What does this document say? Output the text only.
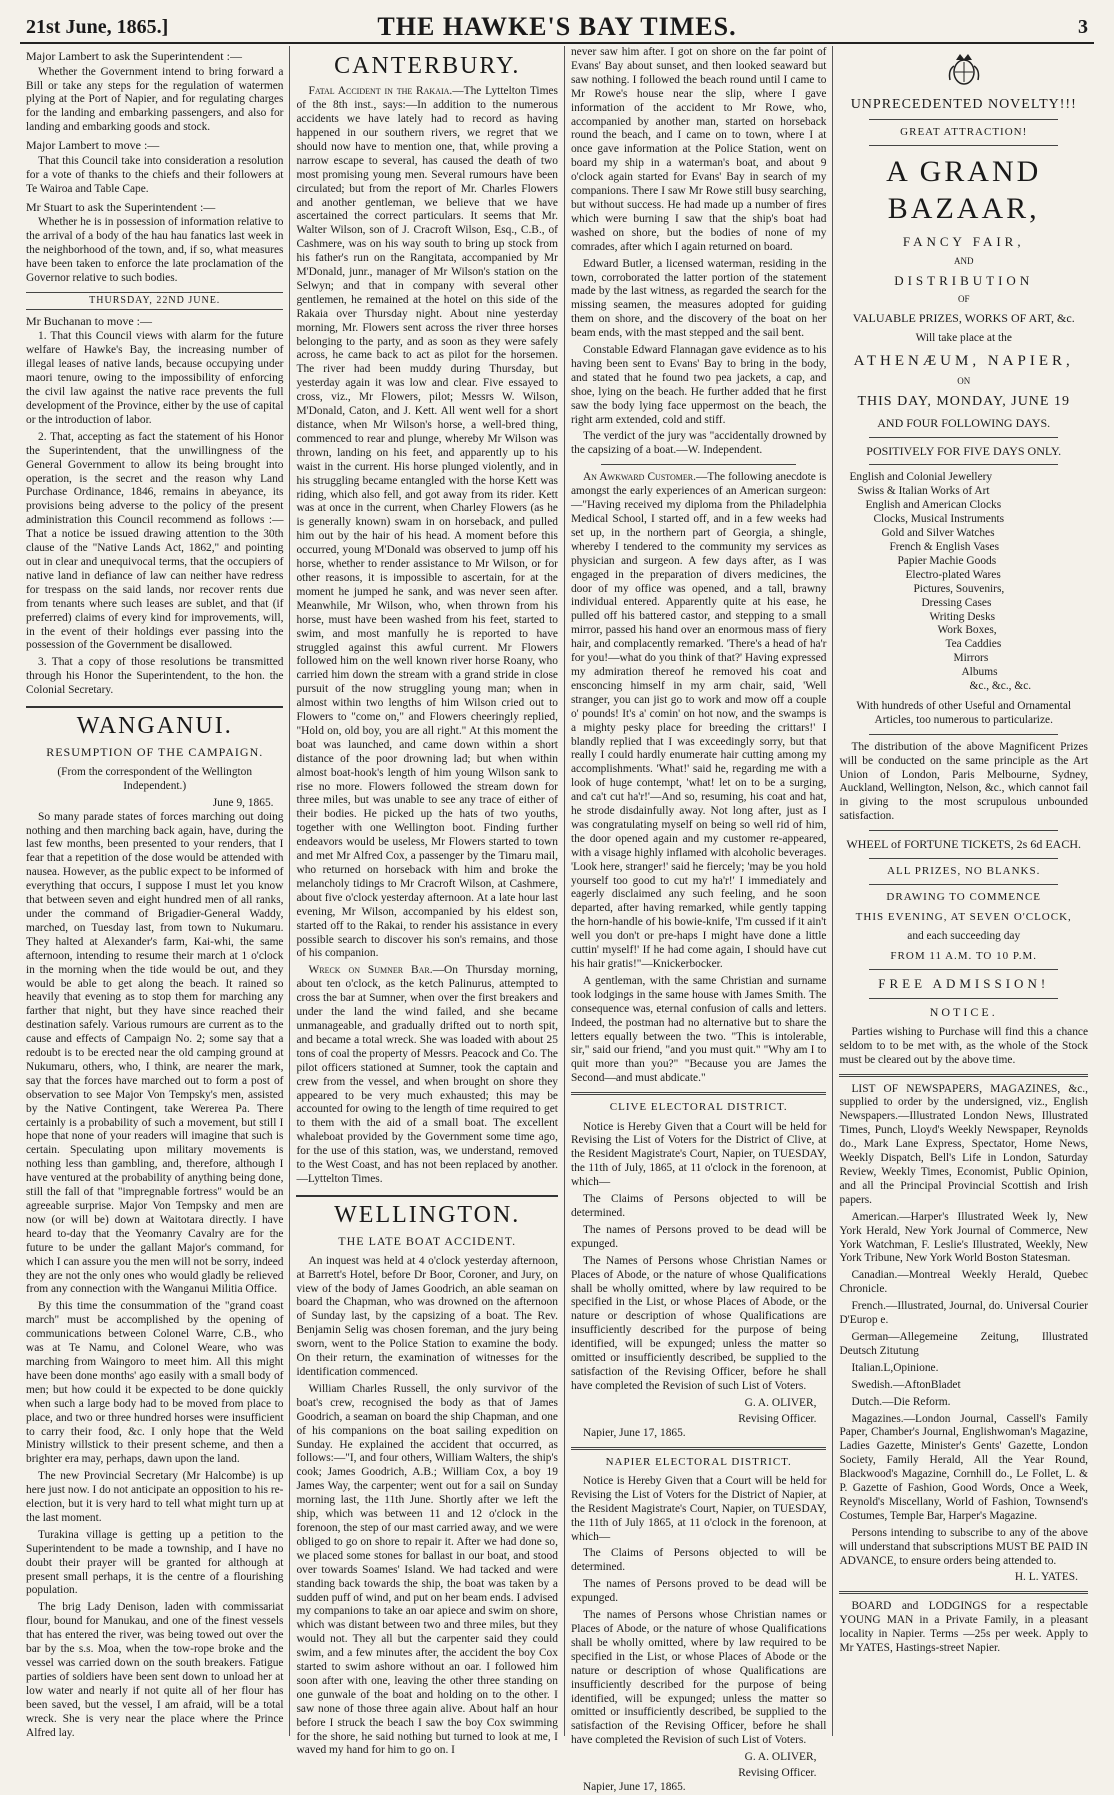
21st June, 1865.]	THE HAWKE'S BAY TIMES.	3
Major Lambert to ask the Superintendent :—

Whether the Government intend to bring forward a Bill or take any steps for the regulation of watermen plying at the Port of Napier, and for regulating charges for the landing and embarking passengers, and also for landing and embarking goods and stock.

Major Lambert to move :—

That this Council take into consideration a resolution for a vote of thanks to the chiefs and their followers at Te Wairoa and Table Cape.

Mr Stuart to ask the Superintendent :—

Whether he is in possession of information relative to the arrival of a body of the hau hau fanatics last week in the neighborhood of the town, and, if so, what measures have been taken to enforce the late proclamation of the Governor relative to such bodies.

THURSDAY, 22ND JUNE.
Mr Buchanan to move :—

1. That this Council views with alarm for the future welfare of Hawke's Bay, the increasing number of illegal leases of native lands, because occupying under maori tenure, owing to the impossibility of enforcing the civil law against the native race prevents the full development of the Province, either by the use of capital or the introduction of labor.

2. That, accepting as fact the statement of his Honor the Superintendent, that the unwillingness of the General Government to allow its being brought into operation, is the secret and the reason why Land Purchase Ordinance, 1846, remains in abeyance, its provisions being adverse to the policy of the present administration this Council recommend as follows :—That a notice be issued drawing attention to the 30th clause of the "Native Lands Act, 1862," and pointing out in clear and unequivocal terms, that the occupiers of native land in defiance of law can neither have redress for trespass on the said lands, nor recover rents due from tenants where such leases are sublet, and that (if preferred) claims of every kind for improvements, will, in the event of their holdings ever passing into the possession of the Government be disallowed.

3. That a copy of those resolutions be transmitted through his Honor the Superintendent, to the hon. the Colonial Secretary.

WANGANUI.
RESUMPTION OF THE CAMPAIGN.

(From the correspondent of the Wellington Independent.)

June 9, 1865.

So many parade states of forces marching out doing nothing and then marching back again, have, during the last few months, been presented to your renders, that I fear that a repetition of the dose would be attended with nausea. However, as the public expect to be informed of everything that occurs, I suppose I must let you know that between seven and eight hundred men of all ranks, under the command of Brigadier-General Waddy, marched, on Tuesday last, from town to Nukumaru. They halted at Alexander's farm, Kai-whi, the same afternoon, intending to resume their march at 1 o'clock in the morning when the tide would be out, and they would be able to get along the beach. It rained so heavily that evening as to stop them for marching any farther that night, but they have since reached their destination safely. Various rumours are current as to the cause and effects of Campaign No. 2; some say that a redoubt is to be erected near the old camping ground at Nukumaru, others, who, I think, are nearer the mark, say that the forces have marched out to form a post of observation to see Major Von Tempsky's men, assisted by the Native Contingent, take Wererea Pa. There certainly is a probability of such a movement, but still I hope that none of your readers will imagine that such is certain. Speculating upon military movements is nothing less than gambling, and, therefore, although I have ventured at the probability of anything being done, still the fall of that "impregnable fortress" would be an agreeable surprise. Major Von Tempsky and men are now (or will be) down at Waitotara directly. I have heard to-day that the Yeomanry Cavalry are for the future to be under the gallant Major's command, for which I can assure you the men will not be sorry, indeed they are not the only ones who would gladly be relieved from any connection with the Wanganui Militia Office.

By this time the consummation of the "grand coast march" must be accomplished by the opening of communications between Colonel Warre, C.B., who was at Te Namu, and Colonel Weare, who was marching from Waingoro to meet him. All this might have been done months' ago easily with a small body of men; but how could it be expected to be done quickly when such a large body had to be moved from place to place, and two or three hundred horses were insufficient to carry their food, &c. I only hope that the Weld Ministry willstick to their present scheme, and then a brighter era may, perhaps, dawn upon the land.

The new Provincial Secretary (Mr Halcombe) is up here just now. I do not anticipate an opposition to his re-election, but it is very hard to tell what might turn up at the last moment.

Turakina village is getting up a petition to the Superintendent to be made a township, and I have no doubt their prayer will be granted for although at present small perhaps, it is the centre of a flourishing population.

The brig Lady Denison, laden with commissariat flour, bound for Manukau, and one of the finest vessels that has entered the river, was being towed out over the bar by the s.s. Moa, when the tow-rope broke and the vessel was carried down on the south breakers. Fatigue parties of soldiers have been sent down to unload her at low water and nearly if not quite all of her flour has been saved, but the vessel, I am afraid, will be a total wreck. She is very near the place where the Prince Alfred lay.

CANTERBURY.

Fatal Accident in the Rakaia.—The Lyttelton Times of the 8th inst., says:—In addition to the numerous accidents we have lately had to record as having happened in our southern rivers, we regret that we should now have to mention one, that, while proving a narrow escape to several, has caused the death of two most promising young men. Several rumours have been circulated; but from the report of Mr. Charles Flowers and another gentleman, we believe that we have ascertained the correct particulars. It seems that Mr. Walter Wilson, son of J. Cracroft Wilson, Esq., C.B., of Cashmere, was on his way south to bring up stock from his father's run on the Rangitata, accompanied by Mr M'Donald, junr., manager of Mr Wilson's station on the Selwyn; and that in company with several other gentlemen, he remained at the hotel on this side of the Rakaia over Thursday night. About nine yesterday morning, Mr. Flowers sent across the river three horses belonging to the party, and as soon as they were safely across, he came back to act as pilot for the horsemen. The river had been muddy during Thursday, but yesterday again it was low and clear. Five essayed to cross, viz., Mr Flowers, pilot; Messrs W. Wilson, M'Donald, Caton, and J. Kett. All went well for a short distance, when Mr Wilson's horse, a well-bred thing, commenced to rear and plunge, whereby Mr Wilson was thrown, landing on his feet, and apparently up to his waist in the current. His horse plunged violently, and in his struggling became entangled with the horse Kett was riding, which also fell, and got away from its rider. Kett was at once in the current, when Charley Flowers (as he is generally known) swam in on horseback, and pulled him out by the hair of his head. A moment before this occurred, young M'Donald was observed to jump off his horse, whether to render assistance to Mr Wilson, or for other reasons, it is impossible to ascertain, for at the moment he jumped he sank, and was never seen after. Meanwhile, Mr Wilson, who, when thrown from his horse, must have been washed from his feet, started to swim, and most manfully he is reported to have struggled against this awful current. Mr Flowers followed him on the well known river horse Roany, who carried him down the stream with a grand stride in close pursuit of the now struggling young man; when in almost within two lengths of him Wilson cried out to Flowers to "come on," and Flowers cheeringly replied, "Hold on, old boy, you are all right." At this moment the boat was launched, and came down within a short distance of the poor drowning lad; but when within almost boat-hook's length of him young Wilson sank to rise no more. Flowers followed the stream down for three miles, but was unable to see any trace of either of their bodies. He picked up the hats of two youths, together with one Wellington boot. Finding further endeavors would be useless, Mr Flowers started to town and met Mr Alfred Cox, a passenger by the Timaru mail, who returned on horseback with him and broke the melancholy tidings to Mr Cracroft Wilson, at Cashmere, about five o'clock yesterday afternoon. At a late hour last evening, Mr Wilson, accompanied by his eldest son, started off to the Rakai, to render his assistance in every possible search to discover his son's remains, and those of his companion.

Wreck on Sumner Bar.—On Thursday morning, about ten o'clock, as the ketch Palinurus, attempted to cross the bar at Sumner, when over the first breakers and under the land the wind failed, and she became unmanageable, and gradually drifted out to north spit, and became a total wreck. She was loaded with about 25 tons of coal the property of Messrs. Peacock and Co. The pilot officers stationed at Sumner, took the captain and crew from the vessel, and when brought on shore they appeared to be very much exhausted; this may be accounted for owing to the length of time required to get to them with the aid of a small boat. The excellent whaleboat provided by the Government some time ago, for the use of this station, was, we understand, removed to the West Coast, and has not been replaced by another.—Lyttelton Times.

WELLINGTON.
THE LATE BOAT ACCIDENT.

An inquest was held at 4 o'clock yesterday afternoon, at Barrett's Hotel, before Dr Boor, Coroner, and Jury, on view of the body of James Goodrich, an able seaman on board the Chapman, who was drowned on the afternoon of Sunday last, by the capsizing of a boat. The Rev. Benjamin Selig was chosen foreman, and the jury being sworn, went to the Police Station to examine the body. On their return, the examination of witnesses for the identification commenced.

William Charles Russell, the only survivor of the boat's crew, recognised the body as that of James Goodrich, a seaman on board the ship Chapman, and one of his companions on the boat sailing expedition on Sunday. He explained the accident that occurred, as follows:—"I, and four others, William Walters, the ship's cook; James Goodrich, A.B.; William Cox, a boy 19 James Way, the carpenter; went out for a sail on Sunday morning last, the 11th June. Shortly after we left the ship, which was between 11 and 12 o'clock in the forenoon, the step of our mast carried away, and we were obliged to go on shore to repair it. After we had done so, we placed some stones for ballast in our boat, and stood over towards Soames' Island. We had tacked and were standing back towards the ship, the boat was taken by a sudden puff of wind, and put on her beam ends. I advised my companions to take an oar apiece and swim on shore, which was distant between two and three miles, but they would not. They all but the carpenter said they could swim, and a few minutes after, the accident the boy Cox started to swim ashore without an oar. I followed him soon after with one, leaving the other three standing on one gunwale of the boat and holding on to the other. I saw none of those three again alive. About half an hour before I struck the beach I saw the boy Cox swimming for the shore, he said nothing but turned to look at me, I waved my hand for him to go on. I

never saw him after. I got on shore on the far point of Evans' Bay about sunset, and then looked seaward but saw nothing. I followed the beach round until I came to Mr Rowe's house near the slip, where I gave information of the accident to Mr Rowe, who, accompanied by another man, started on horseback round the beach, and I came on to town, where I at once gave information at the Police Station, went on board my ship in a waterman's boat, and about 9 o'clock again started for Evans' Bay in search of my companions. There I saw Mr Rowe still busy searching, but without success. He had made up a number of fires which were burning I saw that the ship's boat had washed on shore, but the bodies of none of my comrades, after which I again returned on board.

Edward Butler, a licensed waterman, residing in the town, corroborated the latter portion of the statement made by the last witness, as regarded the search for the missing seamen, the measures adopted for guiding them on shore, and the discovery of the boat on her beam ends, with the mast stepped and the sail bent.

Constable Edward Flannagan gave evidence as to his having been sent to Evans' Bay to bring in the body, and stated that he found two pea jackets, a cap, and shoe, lying on the beach. He further added that he first saw the body lying face uppermost on the beach, the right arm extended, cold and stiff.

The verdict of the jury was "accidentally drowned by the capsizing of a boat.—W. Independent.

An Awkward Customer.—The following anecdote is amongst the early experiences of an American surgeon:—"Having received my diploma from the Philadelphia Medical School, I started off, and in a few weeks had set up, in the northern part of Georgia, a shingle, whereby I tendered to the community my services as physician and surgeon. A few days after, as I was engaged in the preparation of divers medicines, the door of my office was opened, and a tall, brawny individual entered. Apparently quite at his ease, he pulled off his battered castor, and stepping to a small mirror, passed his hand over an enormous mass of fiery hair, and complacently remarked. 'There's a head of ha'r for you!—what do you think of that?' Having expressed my admiration thereof he removed his coat and ensconcing himself in my arm chair, said, 'Well stranger, you can jist go to work and mow off a couple o' pounds! It's a' comin' on hot now, and the swamps is a mighty pesky place for breeding the crittars!' I blandly replied that I was exceedingly sorry, but that really I could hardly enumerate hair cutting among my accomplishments. 'What!' said he, regarding me with a look of huge contempt, 'what! let on to be a surging, and ca't cut ha'r!'—And so, resuming, his coat and hat, he strode disdainfully away. Not long after, just as I was congratulating myself on being so well rid of him, the door opened again and my customer re-appeared, with a visage highly inflamed with alcoholic beverages. 'Look here, stranger!' said he fiercely; 'may be you hold yourself too good to cut my ha'r!' I immediately and eagerly disclaimed any such feeling, and he soon departed, after having remarked, while gently tapping the horn-handle of his bowie-knife, 'I'm cussed if it ain't well you don't or pre-haps I might have done a little cuttin' myself!' If he had come again, I should have cut his hair gratis!"—Knickerbocker.

A gentleman, with the same Christian and surname took lodgings in the same house with James Smith. The consequence was, eternal confusion of calls and letters. Indeed, the postman had no alternative but to share the letters equally between the two. "This is intolerable, sir," said our friend, "and you must quit." "Why am I to quit more than you?" "Because you are James the Second—and must abdicate."

CLIVE ELECTORAL DISTRICT.

Notice is Hereby Given that a Court will be held for Revising the List of Voters for the District of Clive, at the Resident Magistrate's Court, Napier, on TUESDAY, the 11th of July, 1865, at 11 o'clock in the forenoon, at which—

The Claims of Persons objected to will be determined.

The names of Persons proved to be dead will be expunged.

The Names of Persons whose Christian Names or Places of Abode, or the nature of whose Qualifications shall be wholly omitted, where by law required to be specified in the List, or whose Places of Abode, or the nature or description of whose Qualifications are insufficiently described for the purpose of being identified, will be expunged; unless the matter so omitted or insufficiently described, be supplied to the satisfaction of the Revising Officer, before he shall have completed the Revision of such List of Voters.

G. A. OLIVER,

Revising Officer.

Napier, June 17, 1865.

NAPIER ELECTORAL DISTRICT.

Notice is Hereby Given that a Court will be held for Revising the List of Voters for the District of Napier, at the Resident Magistrate's Court, Napier, on TUESDAY, the 11th of July 1865, at 11 o'clock in the forenoon, at which—

The Claims of Persons objected to will be determined.

The names of Persons proved to be dead will be expunged.

The names of Persons whose Christian names or Places of Abode, or the nature of whose Qualifications shall be wholly omitted, where by law required to be specified in the List, or whose Places of Abode or the nature or description of whose Qualifications are insufficiently described for the purpose of being identified, will be expunged; unless the matter so omitted or insufficiently described, be supplied to the satisfaction of the Revising Officer, before he shall have completed the Revision of such List of Voters.

G. A. OLIVER,

Revising Officer.

Napier, June 17, 1865.

UNPRECEDENTED NOVELTY!!!
GREAT ATTRACTION!
A GRAND BAZAAR,
FANCY FAIR,
AND
DISTRIBUTION
OF
VALUABLE PRIZES, WORKS OF ART, &c.
Will take place at the
ATHENÆUM, NAPIER,
ON
THIS DAY, MONDAY, JUNE 19
AND FOUR FOLLOWING DAYS.
POSITIVELY FOR FIVE DAYS ONLY.
English and Colonial Jewellery
Swiss & Italian Works of Art
English and American Clocks
Clocks, Musical Instruments
Gold and Silver Watches
French & English Vases
Papier Machie Goods
Electro-plated Wares
Pictures, Souvenirs,
Dressing Cases
Writing Desks
Work Boxes,
Tea Caddies
Mirrors
Albums
&c., &c., &c.

With hundreds of other Useful and Ornamental Articles, too numerous to particularize.

The distribution of the above Magnificent Prizes will be conducted on the same principle as the Art Union of London, Paris Melbourne, Sydney, Auckland, Wellington, Nelson, &c., which cannot fail in giving to the most scrupulous unbounded satisfaction.

WHEEL of FORTUNE TICKETS, 2s 6d EACH.
ALL PRIZES, NO BLANKS.
DRAWING TO COMMENCE
THIS EVENING, AT SEVEN O'CLOCK,
and each succeeding day
FROM 11 A.M. TO 10 P.M.
FREE ADMISSION!
NOTICE.

Parties wishing to Purchase will find this a chance seldom to to be met with, as the whole of the Stock must be cleared out by the above time.

LIST OF NEWSPAPERS, MAGAZINES, &c., supplied to order by the undersigned, viz., English Newspapers.—Illustrated London News, Illustrated Times, Punch, Lloyd's Weekly Newspaper, Reynolds do., Mark Lane Express, Spectator, Home News, Weekly Dispatch, Bell's Life in London, Saturday Review, Weekly Times, Economist, Public Opinion, and all the Principal Provincial Scottish and Irish papers.

American.—Harper's Illustrated Week ly, New York Herald, New York Journal of Commerce, New York Watchman, F. Leslie's Illustrated, Weekly, New York Tribune, New York World Boston Statesman.

Canadian.—Montreal Weekly Herald, Quebec Chronicle.

French.—Illustrated, Journal, do. Universal Courier D'Europ e.

German—Allegemeine Zeitung, Illustrated Deutsch Zitutung

Italian.L,Opinione.

Swedish.—AftonBladet

Dutch.—Die Reform.

Magazines.—London Journal, Cassell's Family Paper, Chamber's Journal, Englishwoman's Magazine, Ladies Gazette, Minister's Gents' Gazette, London Society, Family Herald, All the Year Round, Blackwood's Magazine, Cornhill do., Le Follet, L. & P. Gazette of Fashion, Good Words, Once a Week, Reynold's Miscellany, World of Fashion, Townsend's Costumes, Temple Bar, Harper's Magazine.

Persons intending to subscribe to any of the above will understand that subscriptions MUST BE PAID IN ADVANCE, to ensure orders being attended to.

H. L. YATES.

BOARD and LODGINGS for a respectable YOUNG MAN in a Private Family, in a pleasant locality in Napier. Terms —25s per week. Apply to Mr YATES, Hastings-street Napier.
